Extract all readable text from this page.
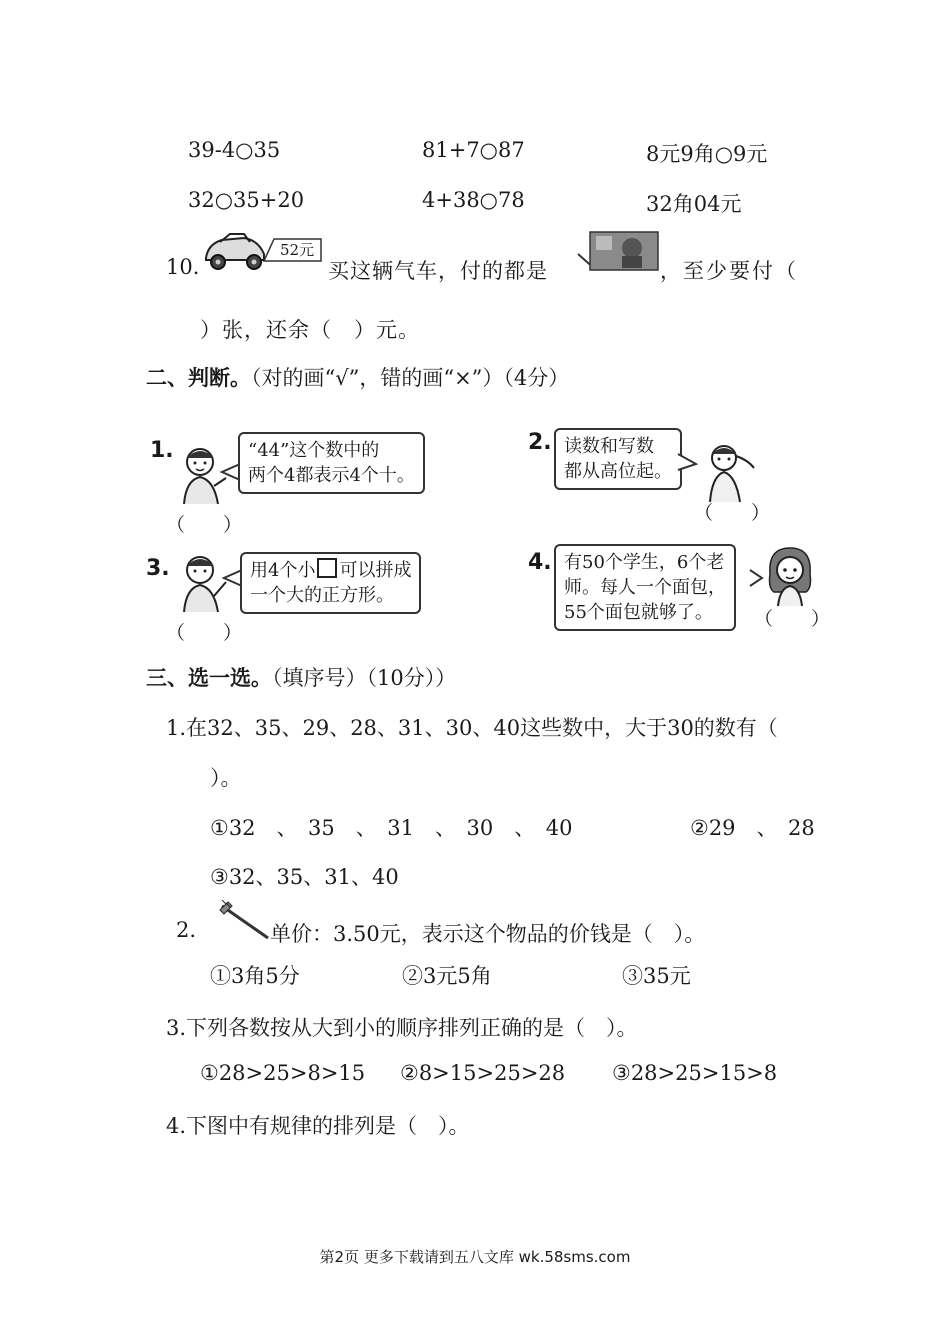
39-4○35	81+7○87	8元9角○9元
32○35+20	4+38○78	32角04元
10.
52元
买这辆气车，付的都是	，至少要付（
）张，还余（　）元。
二、判断。（对的画“√”，错的画“×”）（4分）
1.	“44”这个数中的
两个4都表示4个十。
（　　）
2. 读数和写数
都从高位起。
（　　）
3.	用4个小 可以拼成
一个大的正方形。
（　　）
4. 有50个学生，6个老
师。每人一个面包，
55个面包就够了。	（　　）
三、选一选。（填序号）（10分））
1.在32、35、29、28、31、30、40这些数中，大于30的数有（
）。
①32　、　35　、　31　、　30　、　40	②29　、　28
③32、35、31、40
2.	单价：3.50元，表示这个物品的价钱是（　）。
①3角5分	②3元5角	③35元
3.下列各数按从大到小的顺序排列正确的是（　）。
①28>25>8>15 ②8>15>25>28 ③28>25>15>8
4.下图中有规律的排列是（　）。
第2页 更多下载请到五八文库 wk.58sms.com
